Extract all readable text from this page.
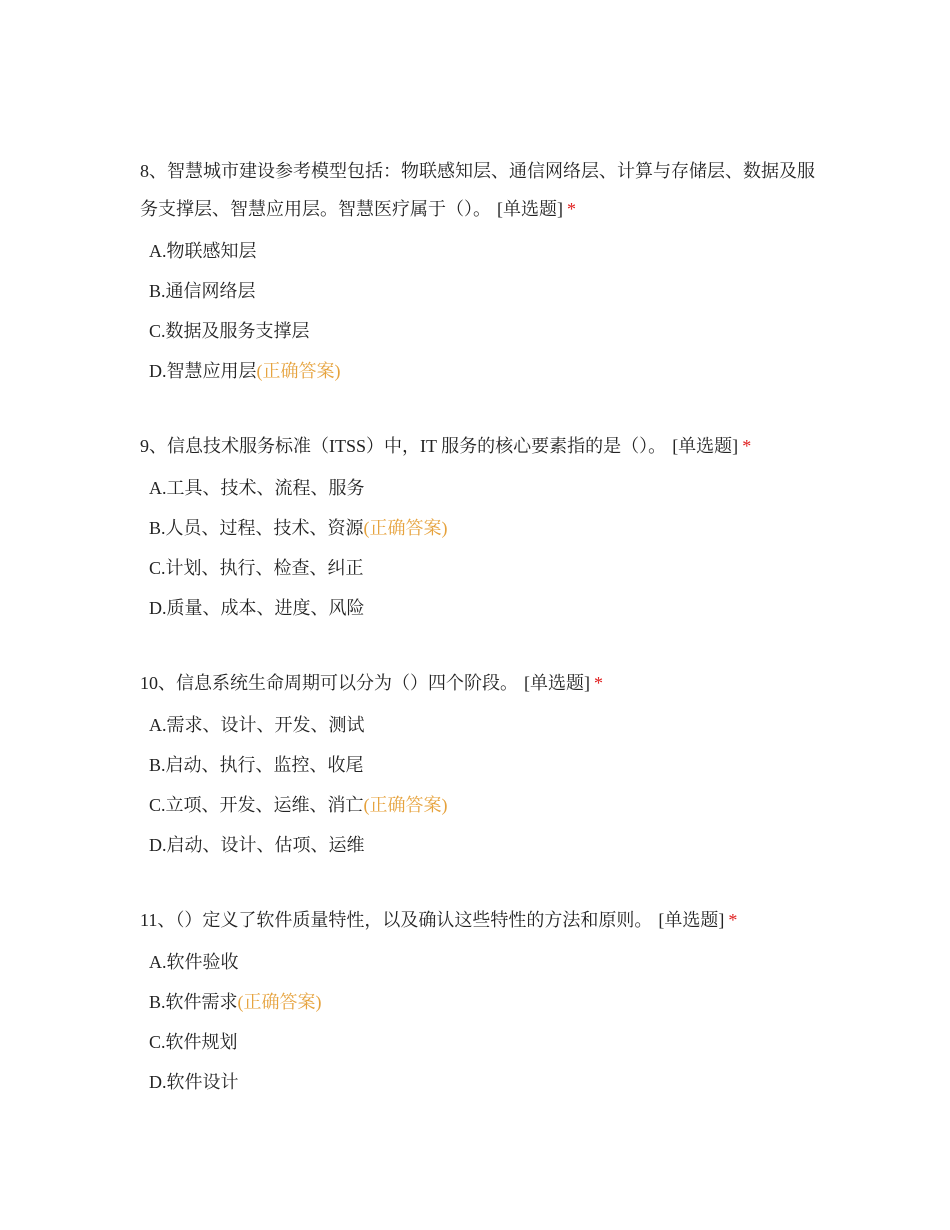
8、智慧城市建设参考模型包括：物联感知层、通信网络层、计算与存储层、数据及服务支撑层、智慧应用层。智慧医疗属于（）。 [单选题] *

A.物联感知层
B.通信网络层
C.数据及服务支撑层
D.智慧应用层(正确答案)

9、信息技术服务标准（ITSS）中，IT 服务的核心要素指的是（）。 [单选题] *

A.工具、技术、流程、服务
B.人员、过程、技术、资源(正确答案)
C.计划、执行、检查、纠正
D.质量、成本、进度、风险

10、信息系统生命周期可以分为（）四个阶段。 [单选题] *

A.需求、设计、开发、测试
B.启动、执行、监控、收尾
C.立项、开发、运维、消亡(正确答案)
D.启动、设计、估项、运维

11、（）定义了软件质量特性，以及确认这些特性的方法和原则。 [单选题] *

A.软件验收
B.软件需求(正确答案)
C.软件规划
D.软件设计
